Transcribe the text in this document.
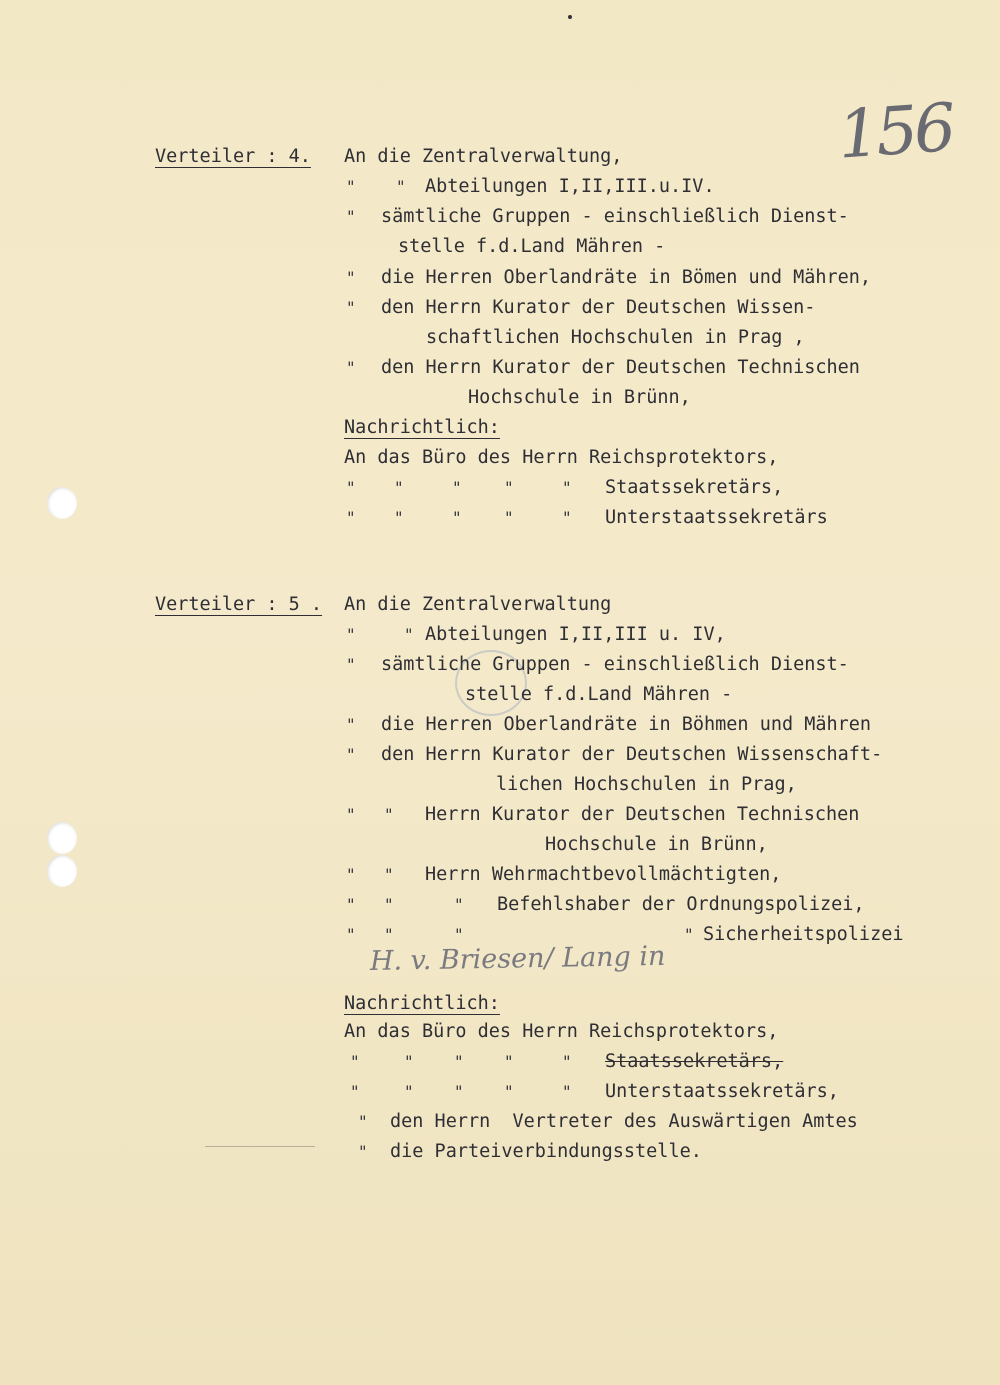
156
Verteiler : 4. An die Zentralverwaltung,
"	" Abteilungen I,II,III.u.IV.
" sämtliche Gruppen - einschließlich Dienst-
stelle f.d.Land Mähren -
" die Herren Oberlandräte in Bömen und Mähren,
" den Herrn Kurator der Deutschen Wissen-
schaftlichen Hochschulen in Prag ,
" den Herrn Kurator der Deutschen Technischen
Hochschule in Brünn,
Nachrichtlich:
An das Büro des Herrn Reichsprotektors,
" "	"	"	" Staatssekretärs,
" "	"	"	" Unterstaatssekretärs
Verteiler : 5 . An die Zentralverwaltung
"	" Abteilungen I,II,III u. IV,
" sämtliche Gruppen - einschließlich Dienst-
stelle f.d.Land Mähren -
" die Herren Oberlandräte in Böhmen und Mähren
" den Herrn Kurator der Deutschen Wissenschaft-
lichen Hochschulen in Prag,
" " Herrn Kurator der Deutschen Technischen
Hochschule in Brünn,
" " Herrn Wehrmachtbevollmächtigten,
" "	" Befehlshaber der Ordnungspolizei,
" "	"	" Sicherheitspolizei
H. v. Briesen/ Lang in
Nachrichtlich:
An das Büro des Herrn Reichsprotektors,
"	"	"	"	" Staatssekretärs,
"	"	"	"	" Unterstaatssekretärs,
" den Herrn  Vertreter des Auswärtigen Amtes
" die Parteiverbindungsstelle.
